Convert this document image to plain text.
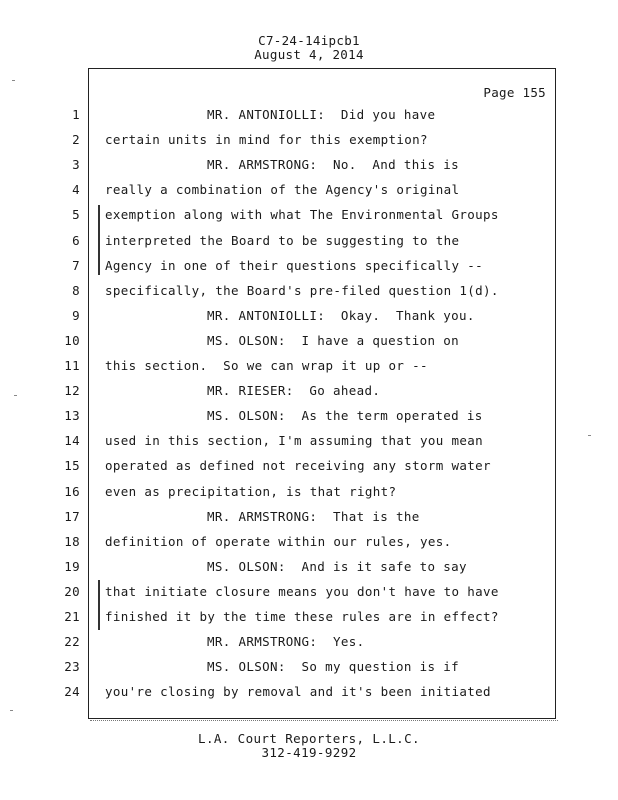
C7-24-14ipcb1
August 4, 2014
Page 155
1	MR. ANTONIOLLI:  Did you have
2 certain units in mind for this exemption?
3	MR. ARMSTRONG:  No.  And this is
4 really a combination of the Agency's original
5 exemption along with what The Environmental Groups
6 interpreted the Board to be suggesting to the
7 Agency in one of their questions specifically --
8 specifically, the Board's pre-filed question 1(d).
9	MR. ANTONIOLLI:  Okay.  Thank you.
10	MS. OLSON:  I have a question on
11 this section.  So we can wrap it up or --
12	MR. RIESER:  Go ahead.
13	MS. OLSON:  As the term operated is
14 used in this section, I'm assuming that you mean
15 operated as defined not receiving any storm water
16 even as precipitation, is that right?
17	MR. ARMSTRONG:  That is the
18 definition of operate within our rules, yes.
19	MS. OLSON:  And is it safe to say
20 that initiate closure means you don't have to have
21 finished it by the time these rules are in effect?
22	MR. ARMSTRONG:  Yes.
23	MS. OLSON:  So my question is if
24 you're closing by removal and it's been initiated
L.A. Court Reporters, L.L.C.
312-419-9292
